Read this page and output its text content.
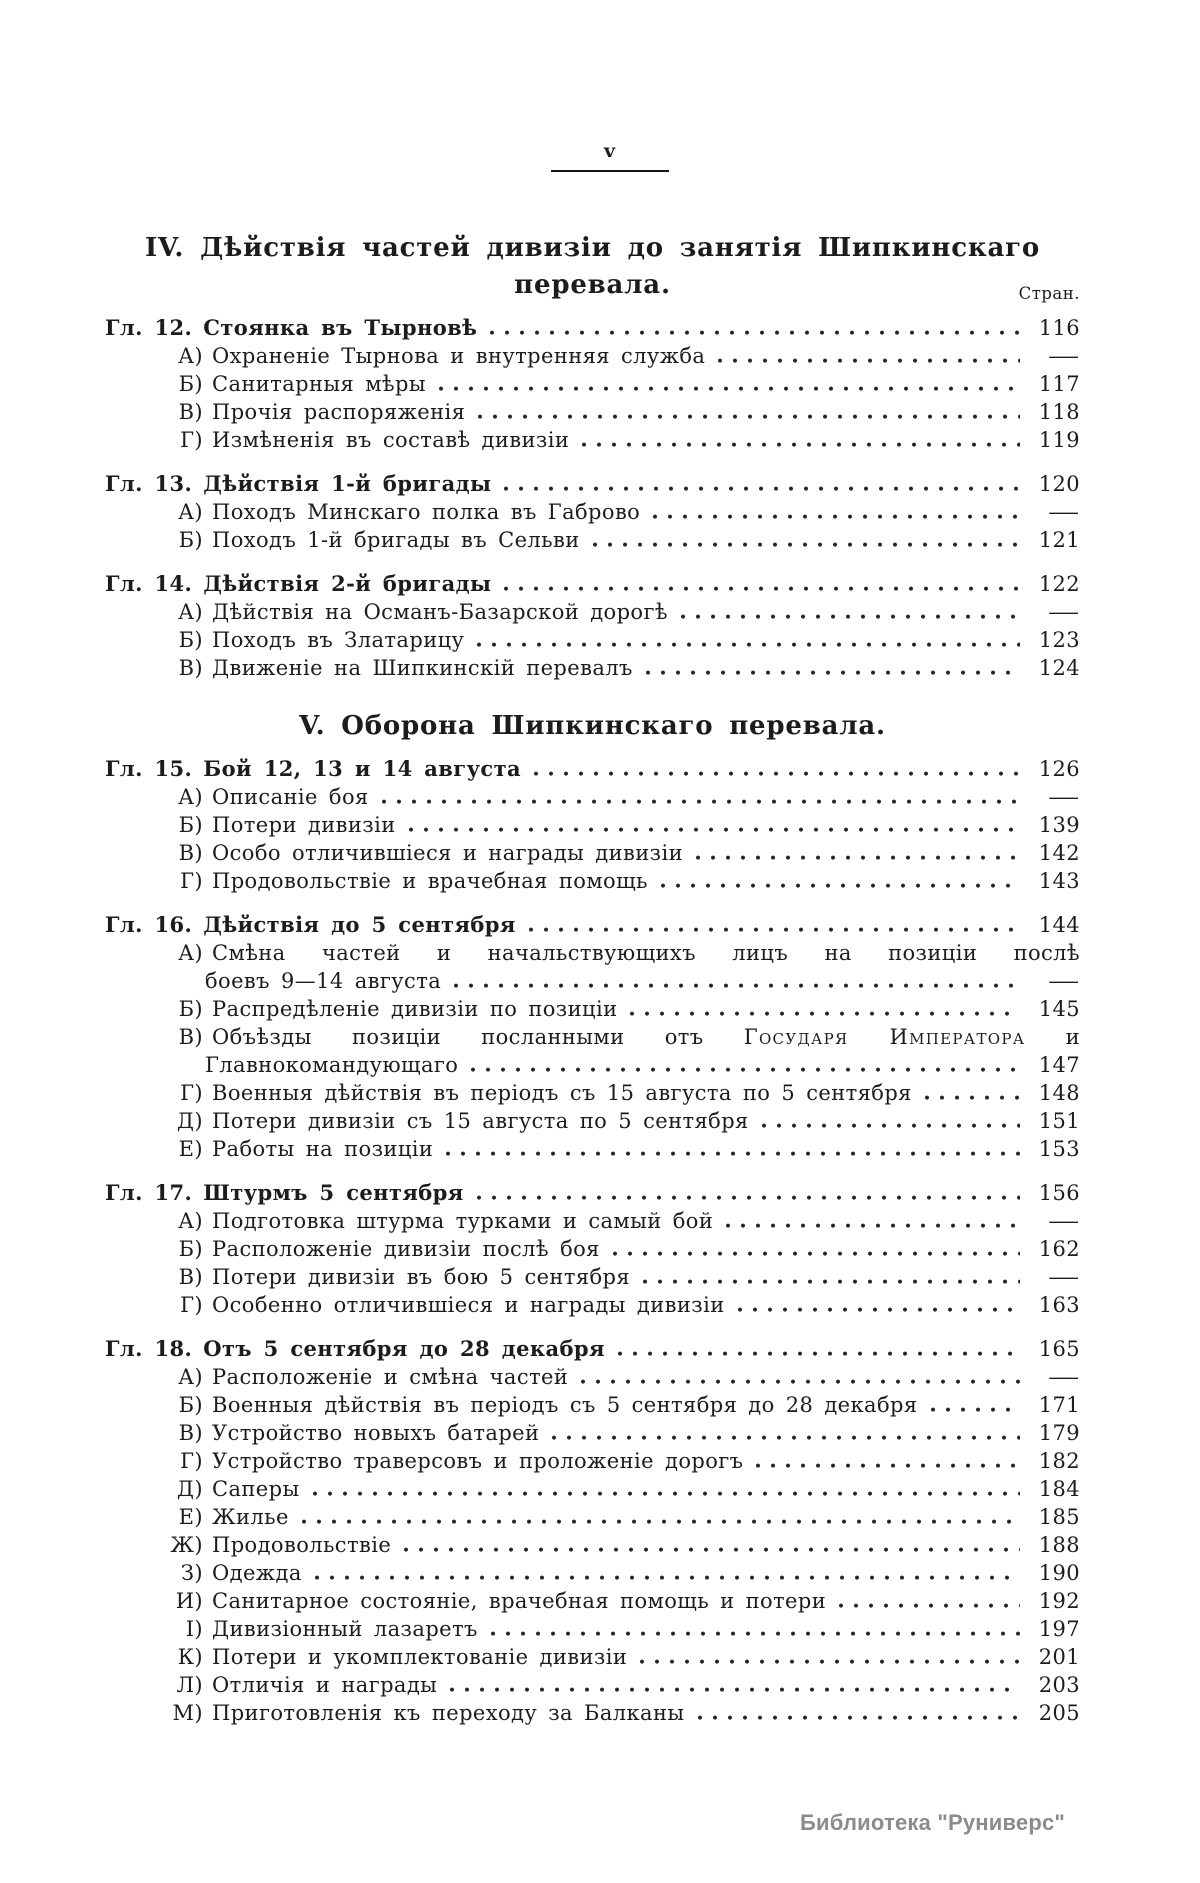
v
Стран.
IV. Дѣйствія частей дивизіи до занятія Шипкинскаго
перевала.
Гл. 12. Стоянка въ Тырновѣ	116
А) Охраненіе Тырнова и внутренняя служба	—
Б) Санитарныя мѣры	117
В) Прочія распоряженія	118
Г) Измѣненія въ составѣ дивизіи	119
Гл. 13. Дѣйствія 1-й бригады	120
А) Походъ Минскаго полка въ Габрово	—
Б) Походъ 1-й бригады въ Сельви	121
Гл. 14. Дѣйствія 2-й бригады	122
А) Дѣйствія на Османъ-Базарской дорогѣ	—
Б) Походъ въ Златарицу	123
В) Движеніе на Шипкинскій перевалъ	124
V. Оборона Шипкинскаго перевала.
Гл. 15. Бой 12, 13 и 14 августа	126
А) Описаніе боя	—
Б) Потери дивизіи	139
В) Особо отличившіеся и награды дивизіи	142
Г) Продовольствіе и врачебная помощь	143
Гл. 16. Дѣйствія до 5 сентября	144
А) Смѣна частей и начальствующихъ лицъ на позиціи послѣ
боевъ 9—14 августа	—
Б) Распредѣленіе дивизіи по позиціи	145
В) Объѣзды позиціи посланными отъ Государя Императора и
Главнокомандующаго	147
Г) Военныя дѣйствія въ періодъ съ 15 августа по 5 сентября	148
Д) Потери дивизіи съ 15 августа по 5 сентября	151
Е) Работы на позиціи	153
Гл. 17. Штурмъ 5 сентября	156
А) Подготовка штурма турками и самый бой	—
Б) Расположеніе дивизіи послѣ боя	162
В) Потери дивизіи въ бою 5 сентября	—
Г) Особенно отличившіеся и награды дивизіи	163
Гл. 18. Отъ 5 сентября до 28 декабря	165
А) Расположеніе и смѣна частей	—
Б) Военныя дѣйствія въ періодъ съ 5 сентября до 28 декабря	171
В) Устройство новыхъ батарей	179
Г) Устройство траверсовъ и проложеніе дорогъ	182
Д) Саперы	184
Е) Жилье	185
Ж) Продовольствіе	188
З) Одежда	190
И) Санитарное состояніе, врачебная помощь и потери	192
I) Дивизіонный лазаретъ	197
К) Потери и укомплектованіе дивизіи	201
Л) Отличія и награды	203
М) Приготовленія къ переходу за Балканы	205
Библиотека "Руниверс"
